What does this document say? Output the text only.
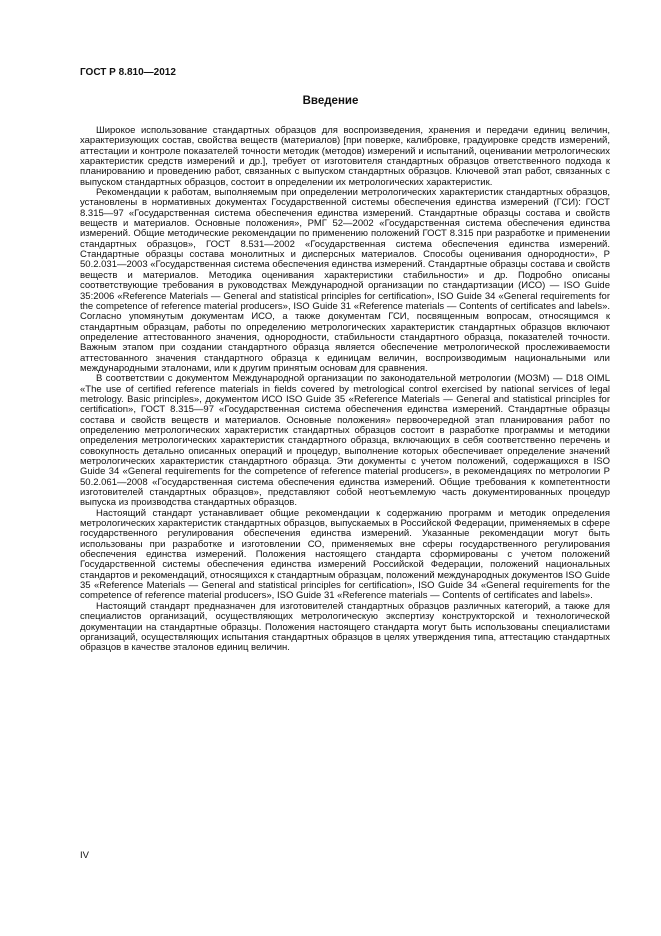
ГОСТ Р 8.810—2012
Введение

Широкое использование стандартных образцов для воспроизведения, хранения и передачи единиц величин, характеризующих состав, свойства веществ (материалов) [при поверке, калибровке, градуировке средств измерений, аттестации и контроле показателей точности методик (методов) измерений и испытаний, оценивании метрологических характеристик средств измерений и др.], требует от изготовителя стандартных образцов ответственного подхода к планированию и проведению работ, связанных с выпуском стандартных образцов. Ключевой этап работ, связанных с выпуском стандартных образцов, состоит в определении их метрологических характеристик.

Рекомендации к работам, выполняемым при определении метрологических характеристик стандартных образцов, установлены в нормативных документах Государственной системы обеспечения единства измерений (ГСИ): ГОСТ 8.315—97 «Государственная система обеспечения единства измерений. Стандартные образцы состава и свойств веществ и материалов. Основные положения», РМГ 52—2002 «Государственная система обеспечения единства измерений. Общие методические рекомендации по применению положений ГОСТ 8.315 при разработке и применении стандартных образцов», ГОСТ 8.531—2002 «Государственная система обеспечения единства измерений. Стандартные образцы состава монолитных и дисперсных материалов. Способы оценивания однородности», Р 50.2.031—2003 «Государственная система обеспечения единства измерений. Стандартные образцы состава и свойств веществ и материалов. Методика оценивания характеристики стабильности» и др. Подробно описаны соответствующие требования в руководствах Международной организации по стандартизации (ИСО) — ISO Guide 35:2006 «Reference Materials — General and statistical principles for certification», ISO Guide 34 «General requirements for the competence of reference material producers», ISO Guide 31 «Reference materials — Contents of certificates and labels». Согласно упомянутым документам ИСО, а также документам ГСИ, посвященным вопросам, относящимся к стандартным образцам, работы по определению метрологических характеристик стандартных образцов включают определение аттестованного значения, однородности, стабильности стандартного образца, показателей точности. Важным этапом при создании стандартного образца является обеспечение метрологической прослеживаемости аттестованного значения стандартного образца к единицам величин, воспроизводимым национальными или международными эталонами, или к другим принятым основам для сравнения.

В соответствии с документом Международной организации по законодательной метрологии (МОЗМ) — D18 OIML «The use of certified reference materials in fields covered by metrological control exercised by national services of legal metrology. Basic principles», документом ИСО ISO Guide 35 «Reference Materials — General and statistical principles for certification», ГОСТ 8.315—97 «Государственная система обеспечения единства измерений. Стандартные образцы состава и свойств веществ и материалов. Основные положения» первоочередной этап планирования работ по определению метрологических характеристик стандартных образцов состоит в разработке программы и методики определения метрологических характеристик стандартного образца, включающих в себя соответственно перечень и совокупность детально описанных операций и процедур, выполнение которых обеспечивает определение значений метрологических характеристик стандартного образца. Эти документы с учетом положений, содержащихся в ISO Guide 34 «General requirements for the competence of reference material producers», в рекомендациях по метрологии Р 50.2.061—2008 «Государственная система обеспечения единства измерений. Общие требования к компетентности изготовителей стандартных образцов», представляют собой неотъемлемую часть документированных процедур выпуска из производства стандартных образцов.

Настоящий стандарт устанавливает общие рекомендации к содержанию программ и методик определения метрологических характеристик стандартных образцов, выпускаемых в Российской Федерации, применяемых в сфере государственного регулирования обеспечения единства измерений. Указанные рекомендации могут быть использованы при разработке и изготовлении СО, применяемых вне сферы государственного регулирования обеспечения единства измерений. Положения настоящего стандарта сформированы с учетом положений Государственной системы обеспечения единства измерений Российской Федерации, положений национальных стандартов и рекомендаций, относящихся к стандартным образцам, положений международных документов ISO Guide 35 «Reference Materials — General and statistical principles for certification», ISO Guide 34 «General requirements for the competence of reference material producers», ISO Guide 31 «Reference materials — Contents of certificates and labels».

Настоящий стандарт предназначен для изготовителей стандартных образцов различных категорий, а также для специалистов организаций, осуществляющих метрологическую экспертизу конструкторской и технологической документации на стандартные образцы. Положения настоящего стандарта могут быть использованы специалистами организаций, осуществляющих испытания стандартных образцов в целях утверждения типа, аттестацию стандартных образцов в качестве эталонов единиц величин.

IV
